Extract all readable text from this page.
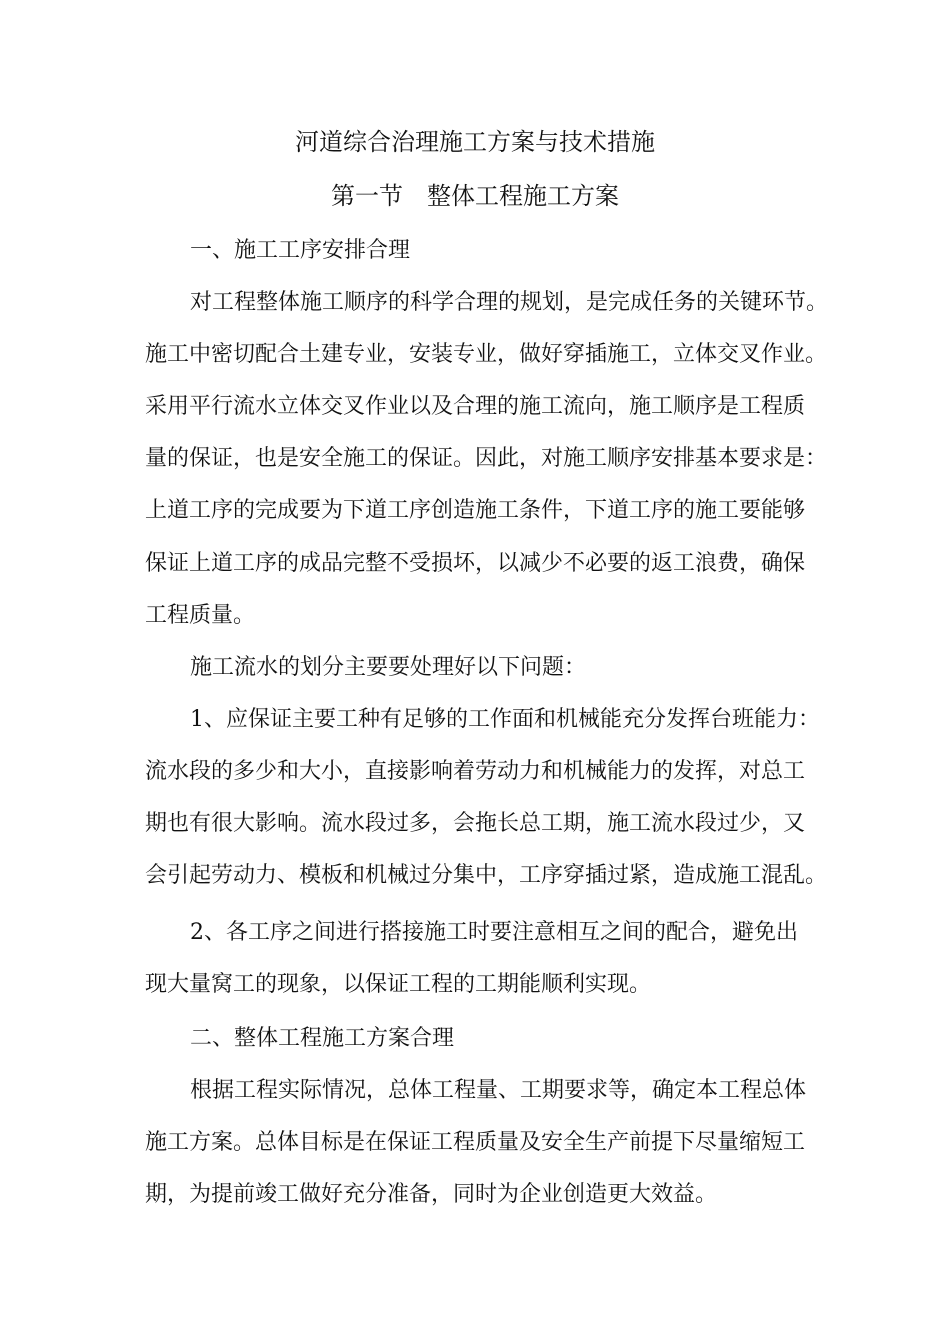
河道综合治理施工方案与技术措施
第一节　整体工程施工方案
一、施工工序安排合理
对工程整体施工顺序的科学合理的规划，是完成任务的关键环节。
施工中密切配合土建专业，安装专业，做好穿插施工，立体交叉作业。
采用平行流水立体交叉作业以及合理的施工流向，施工顺序是工程质
量的保证，也是安全施工的保证。因此，对施工顺序安排基本要求是：
上道工序的完成要为下道工序创造施工条件，下道工序的施工要能够
保证上道工序的成品完整不受损坏，以减少不必要的返工浪费，确保
工程质量。
施工流水的划分主要要处理好以下问题：
1、应保证主要工种有足够的工作面和机械能充分发挥台班能力：
流水段的多少和大小，直接影响着劳动力和机械能力的发挥，对总工
期也有很大影响。流水段过多，会拖长总工期，施工流水段过少，又
会引起劳动力、模板和机械过分集中，工序穿插过紧，造成施工混乱。
2、各工序之间进行搭接施工时要注意相互之间的配合，避免出
现大量窝工的现象，以保证工程的工期能顺利实现。
二、整体工程施工方案合理
根据工程实际情况，总体工程量、工期要求等，确定本工程总体
施工方案。总体目标是在保证工程质量及安全生产前提下尽量缩短工
期，为提前竣工做好充分准备，同时为企业创造更大效益。
